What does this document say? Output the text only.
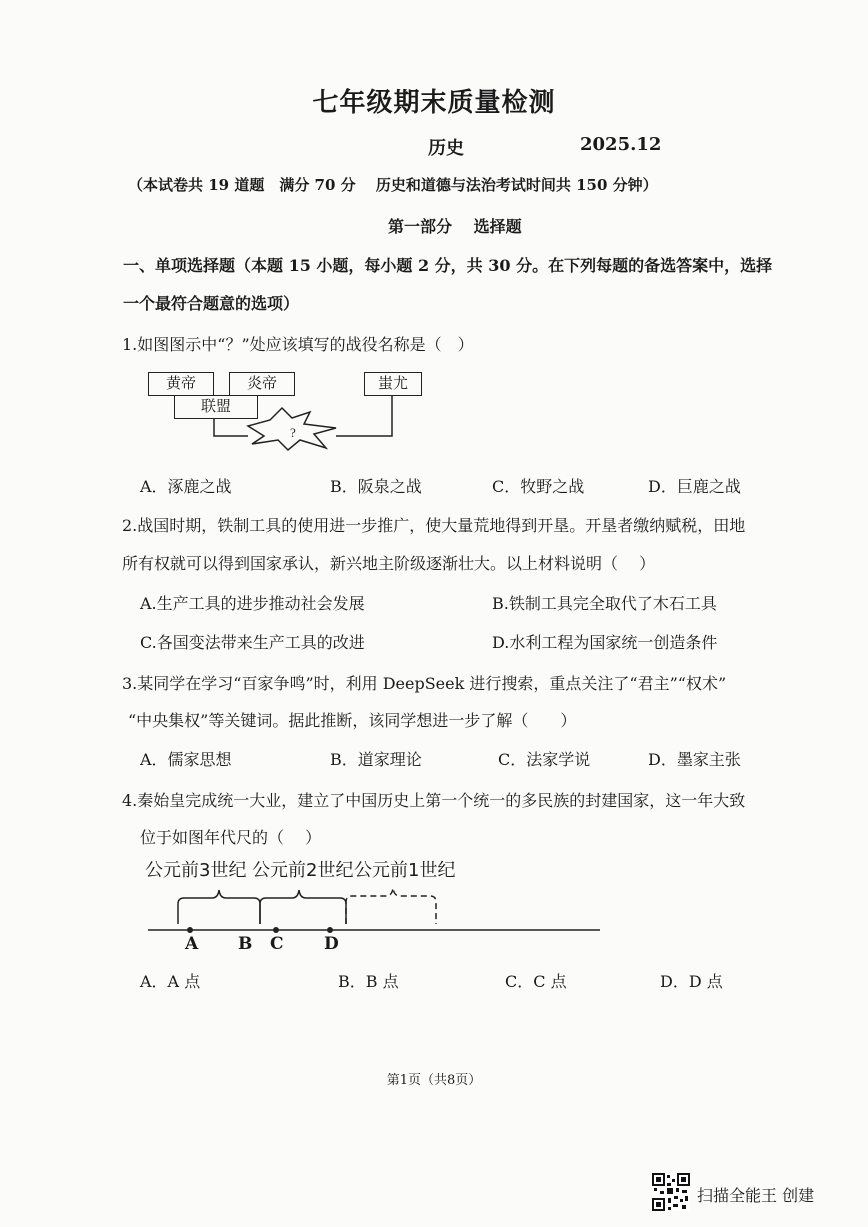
七年级期末质量检测
历史	2025.12
（本试卷共 19 道题　满分 70 分　 历史和道德与法治考试时间共 150 分钟）
第一部分　 选择题
一、单项选择题（本题 15 小题，每小题 2 分，共 30 分。在下列每题的备选答案中，选择
一个最符合题意的选项）
1.如图图示中“？”处应该填写的战役名称是（　）
?
黄帝	炎帝	蚩尤
联盟
A．涿鹿之战	B．阪泉之战	C．牧野之战	D．巨鹿之战
2.战国时期，铁制工具的使用进一步推广，使大量荒地得到开垦。开垦者缴纳赋税，田地
所有权就可以得到国家承认，新兴地主阶级逐渐壮大。以上材料说明（　 ）
A.生产工具的进步推动社会发展	B.铁制工具完全取代了木石工具
C.各国变法带来生产工具的改进	D.水利工程为国家统一创造条件
3.某同学在学习“百家争鸣”时，利用 DeepSeek 进行搜索，重点关注了“君主”“权术”
“中央集权”等关键词。据此推断，该同学想进一步了解（　　）
A．儒家思想	B．道家理论	C．法家学说	D．墨家主张
4.秦始皇完成统一大业，建立了中国历史上第一个统一的多民族的封建国家，这一年大致
位于如图年代尺的（　 ）
公元前3世纪 公元前2世纪 公元前1世纪
A B C D
A．A 点	B．B 点	C．C 点	D．D 点
第1页（共8页）
扫描全能王 创建
